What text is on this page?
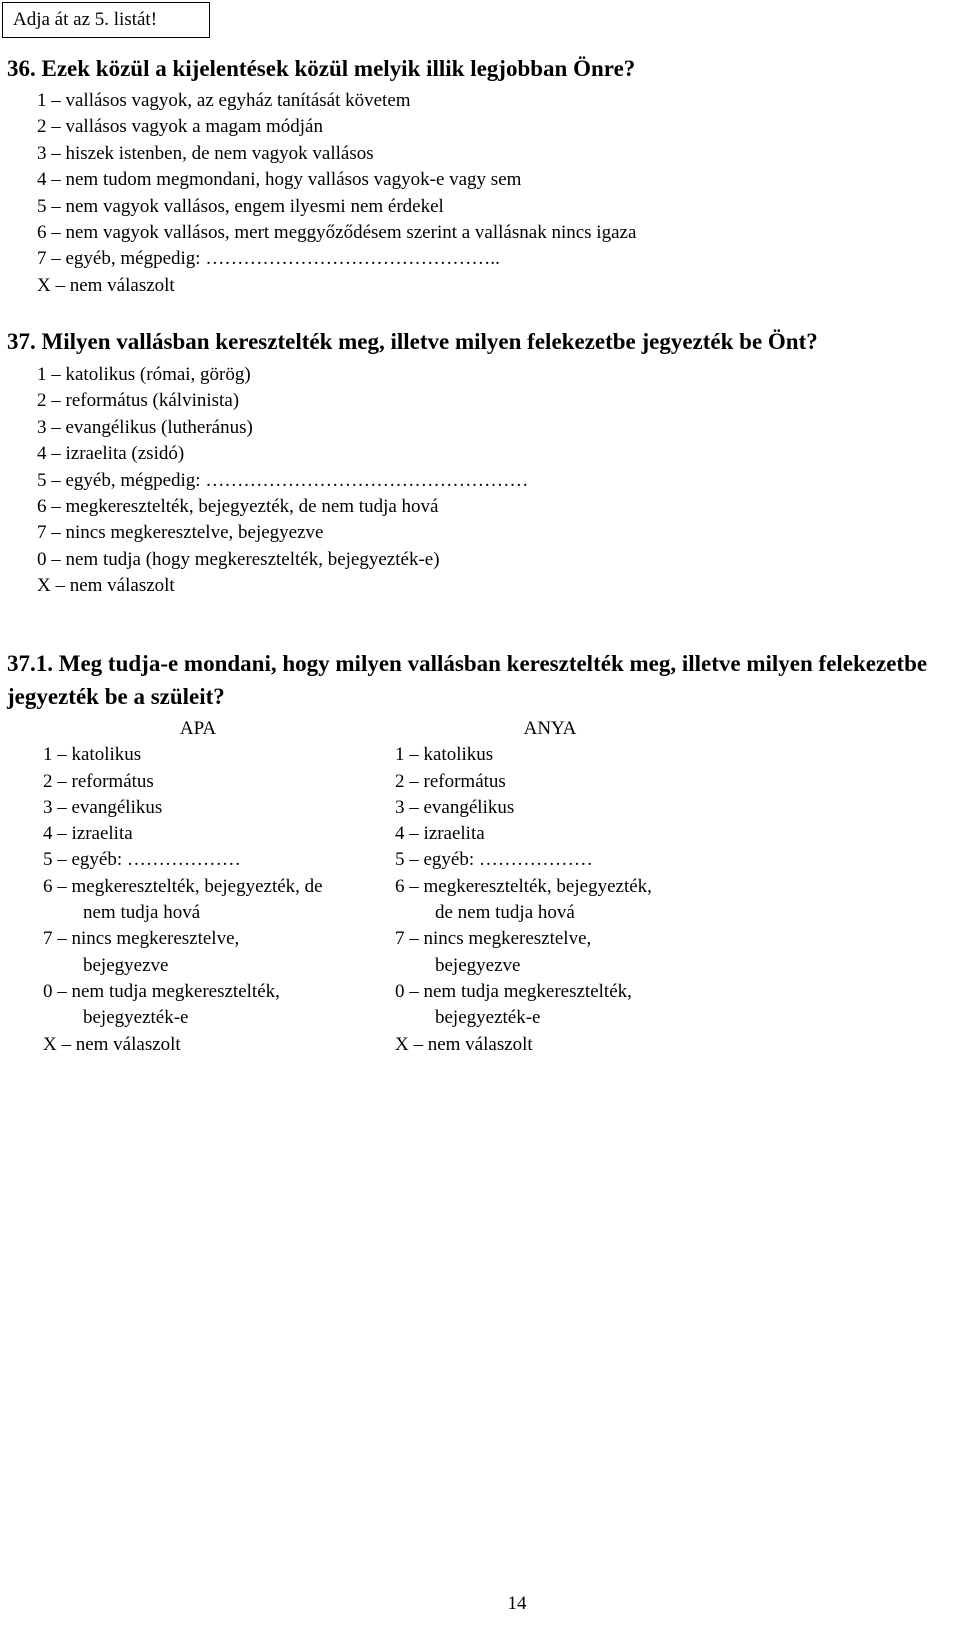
Adja át az 5. listát!
36. Ezek közül a kijelentések közül melyik illik legjobban Önre?
1 – vallásos vagyok, az egyház tanítását követem
2 – vallásos vagyok a magam módján
3 – hiszek istenben, de nem vagyok vallásos
4 – nem tudom megmondani, hogy vallásos vagyok-e vagy sem
5 – nem vagyok vallásos, engem ilyesmi nem érdekel
6 – nem vagyok vallásos, mert meggyőződésem szerint a vallásnak nincs igaza
7 – egyéb, mégpedig: ………………………………………..
X – nem válaszolt
37. Milyen vallásban keresztelték meg, illetve milyen felekezetbe jegyezték be Önt?
1 – katolikus (római, görög)
2 – református (kálvinista)
3 – evangélikus (lutheránus)
4 – izraelita (zsidó)
5 – egyéb, mégpedig: ……………………………………………
6 – megkeresztelték, bejegyezték, de nem tudja hová
7 – nincs megkeresztelve, bejegyezve
0 – nem tudja (hogy megkeresztelték, bejegyezték-e)
X – nem válaszolt
37.1. Meg tudja-e mondani, hogy milyen vallásban keresztelték meg, illetve milyen felekezetbe jegyezték be a szüleit?
APA
1 – katolikus
2 – református
3 – evangélikus
4 – izraelita
5 – egyéb: ………………
6 – megkeresztelték, bejegyezték, de
nem tudja hová
7 – nincs megkeresztelve,
bejegyezve
0 – nem tudja megkeresztelték,
bejegyezték-e
X – nem válaszolt
ANYA
1 – katolikus
2 – református
3 – evangélikus
4 – izraelita
5 – egyéb: ………………
6 – megkeresztelték, bejegyezték,
de nem tudja hová
7 – nincs megkeresztelve,
bejegyezve
0 – nem tudja megkeresztelték,
bejegyezték-e
X – nem válaszolt
14
